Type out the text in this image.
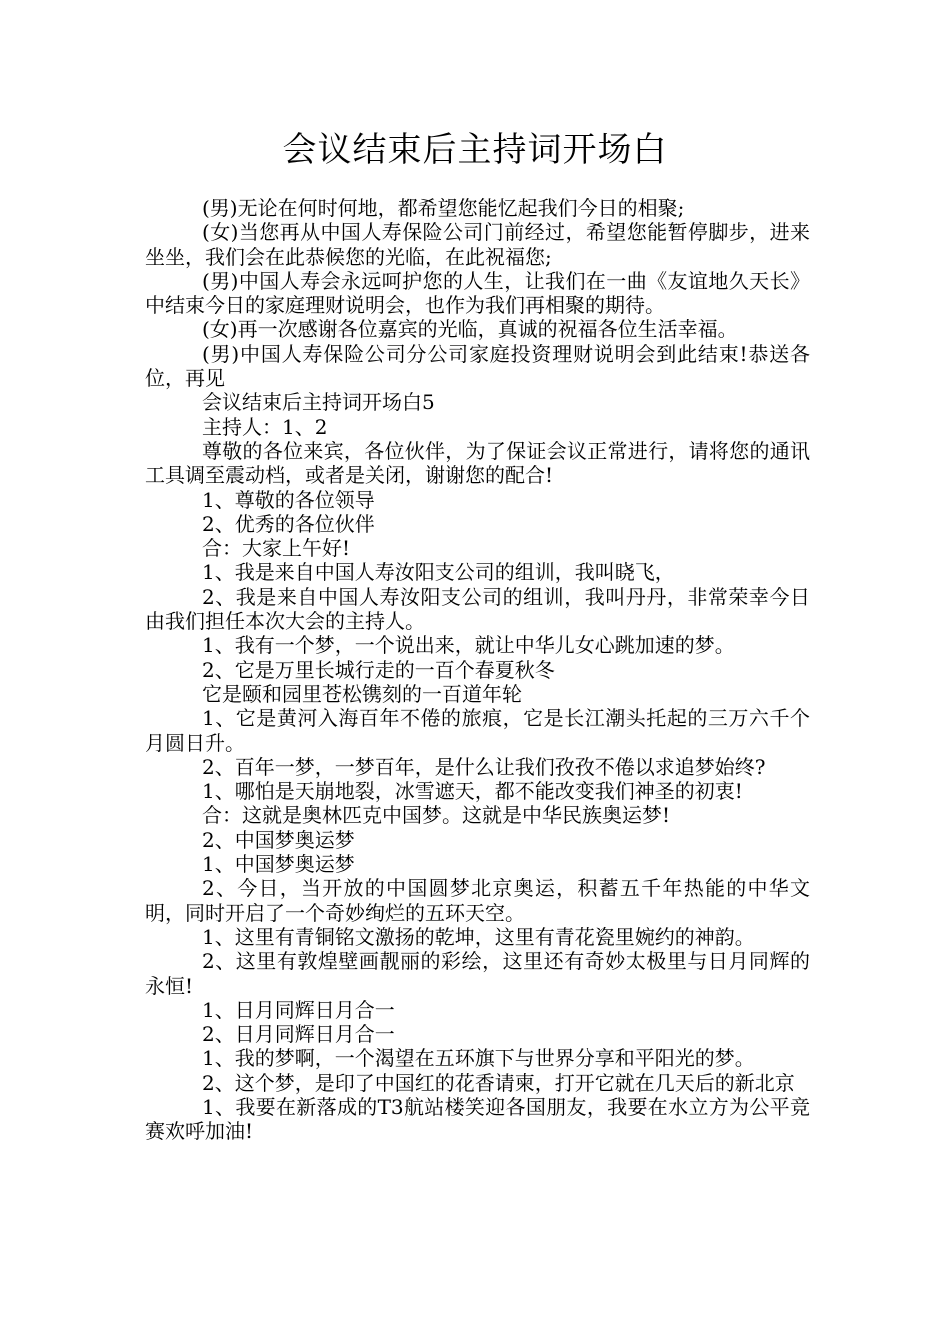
会议结束后主持词开场白

(男)无论在何时何地，都希望您能忆起我们今日的相聚;

(女)当您再从中国人寿保险公司门前经过，希望您能暂停脚步，进来坐坐，我们会在此恭候您的光临，在此祝福您;

(男)中国人寿会永远呵护您的人生，让我们在一曲《友谊地久天长》中结束今日的家庭理财说明会，也作为我们再相聚的期待。

(女)再一次感谢各位嘉宾的光临，真诚的祝福各位生活幸福。

(男)中国人寿保险公司分公司家庭投资理财说明会到此结束!恭送各位，再见

会议结束后主持词开场白5

主持人：1、2

尊敬的各位来宾，各位伙伴，为了保证会议正常进行，请将您的通讯工具调至震动档，或者是关闭，谢谢您的配合!

1、尊敬的各位领导

2、优秀的各位伙伴

合：大家上午好!

1、我是来自中国人寿汝阳支公司的组训，我叫晓飞，

2、我是来自中国人寿汝阳支公司的组训，我叫丹丹，非常荣幸今日由我们担任本次大会的主持人。

1、我有一个梦，一个说出来，就让中华儿女心跳加速的梦。

2、它是万里长城行走的一百个春夏秋冬

它是颐和园里苍松镌刻的一百道年轮

1、它是黄河入海百年不倦的旅痕，它是长江潮头托起的三万六千个月圆日升。

2、百年一梦，一梦百年，是什么让我们孜孜不倦以求追梦始终?

1、哪怕是天崩地裂，冰雪遮天，都不能改变我们神圣的初衷!

合：这就是奥林匹克中国梦。这就是中华民族奥运梦!

2、中国梦奥运梦

1、中国梦奥运梦

2、今日，当开放的中国圆梦北京奥运，积蓄五千年热能的中华文明，同时开启了一个奇妙绚烂的五环天空。

1、这里有青铜铭文激扬的乾坤，这里有青花瓷里婉约的神韵。

2、这里有敦煌壁画靓丽的彩绘，这里还有奇妙太极里与日月同辉的永恒!

1、日月同辉日月合一

2、日月同辉日月合一

1、我的梦啊，一个渴望在五环旗下与世界分享和平阳光的梦。

2、这个梦，是印了中国红的花香请柬，打开它就在几天后的新北京

1、我要在新落成的T3航站楼笑迎各国朋友，我要在水立方为公平竞赛欢呼加油!
